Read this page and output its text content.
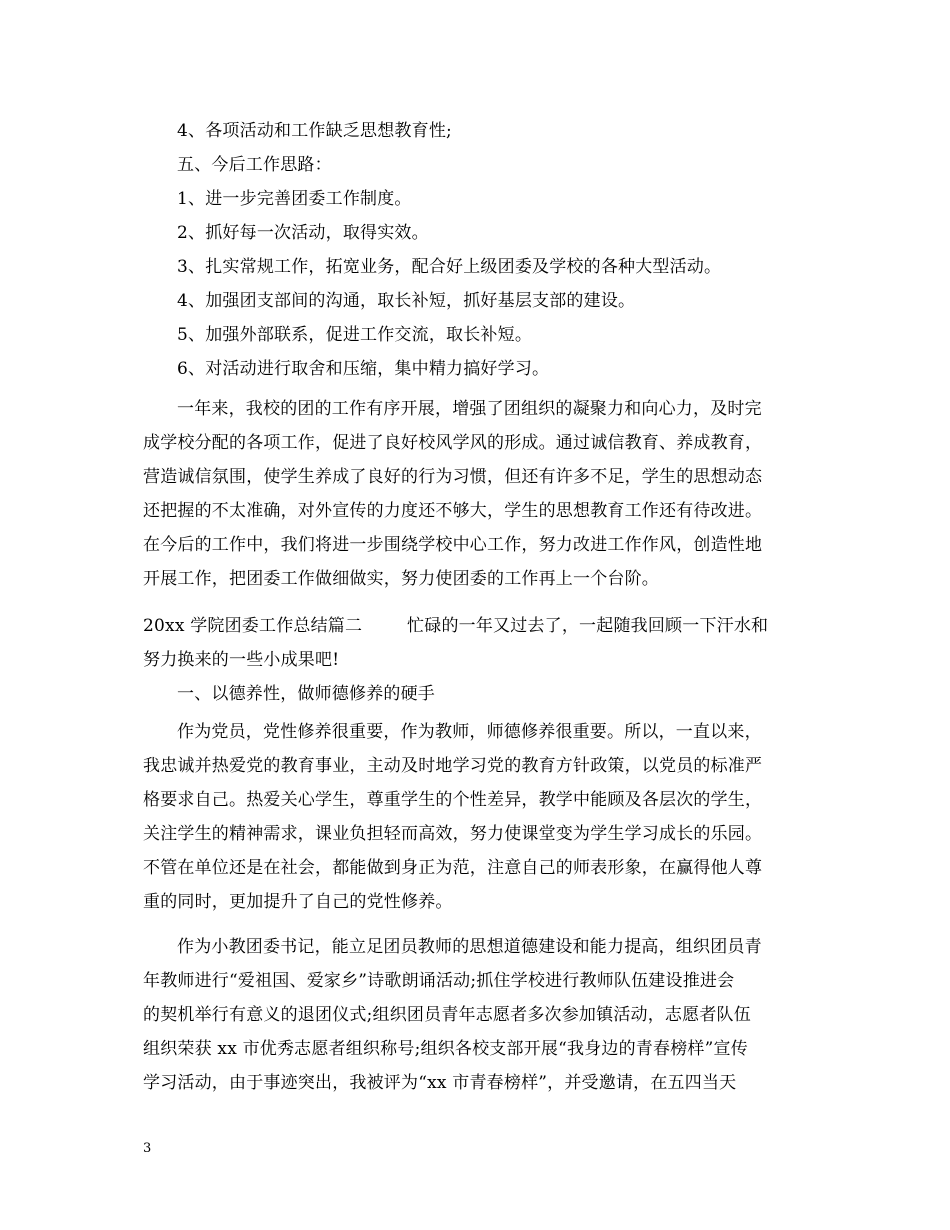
4、各项活动和工作缺乏思想教育性;
五、今后工作思路：
1、进一步完善团委工作制度。
2、抓好每一次活动，取得实效。
3、扎实常规工作，拓宽业务，配合好上级团委及学校的各种大型活动。
4、加强团支部间的沟通，取长补短，抓好基层支部的建设。
5、加强外部联系，促进工作交流，取长补短。
6、对活动进行取舍和压缩，集中精力搞好学习。
一年来，我校的团的工作有序开展，增强了团组织的凝聚力和向心力，及时完
成学校分配的各项工作，促进了良好校风学风的形成。通过诚信教育、养成教育，
营造诚信氛围，使学生养成了良好的行为习惯，但还有许多不足，学生的思想动态
还把握的不太准确，对外宣传的力度还不够大，学生的思想教育工作还有待改进。
在今后的工作中，我们将进一步围绕学校中心工作，努力改进工作作风，创造性地
开展工作，把团委工作做细做实，努力使团委的工作再上一个台阶。
20xx 学院团委工作总结篇二        忙碌的一年又过去了，一起随我回顾一下汗水和
努力换来的一些小成果吧!
一、以德养性，做师德修养的硬手
作为党员，党性修养很重要，作为教师，师德修养很重要。所以，一直以来，
我忠诚并热爱党的教育事业，主动及时地学习党的教育方针政策，以党员的标准严
格要求自己。热爱关心学生，尊重学生的个性差异，教学中能顾及各层次的学生，
关注学生的精神需求，课业负担轻而高效，努力使课堂变为学生学习成长的乐园。
不管在单位还是在社会，都能做到身正为范，注意自己的师表形象，在赢得他人尊
重的同时，更加提升了自己的党性修养。
作为小教团委书记，能立足团员教师的思想道德建设和能力提高，组织团员青
年教师进行“爱祖国、爱家乡”诗歌朗诵活动;抓住学校进行教师队伍建设推进会
的契机举行有意义的退团仪式;组织团员青年志愿者多次参加镇活动，志愿者队伍
组织荣获 xx 市优秀志愿者组织称号;组织各校支部开展“我身边的青春榜样”宣传
学习活动，由于事迹突出，我被评为“xx 市青春榜样”，并受邀请，在五四当天
3
